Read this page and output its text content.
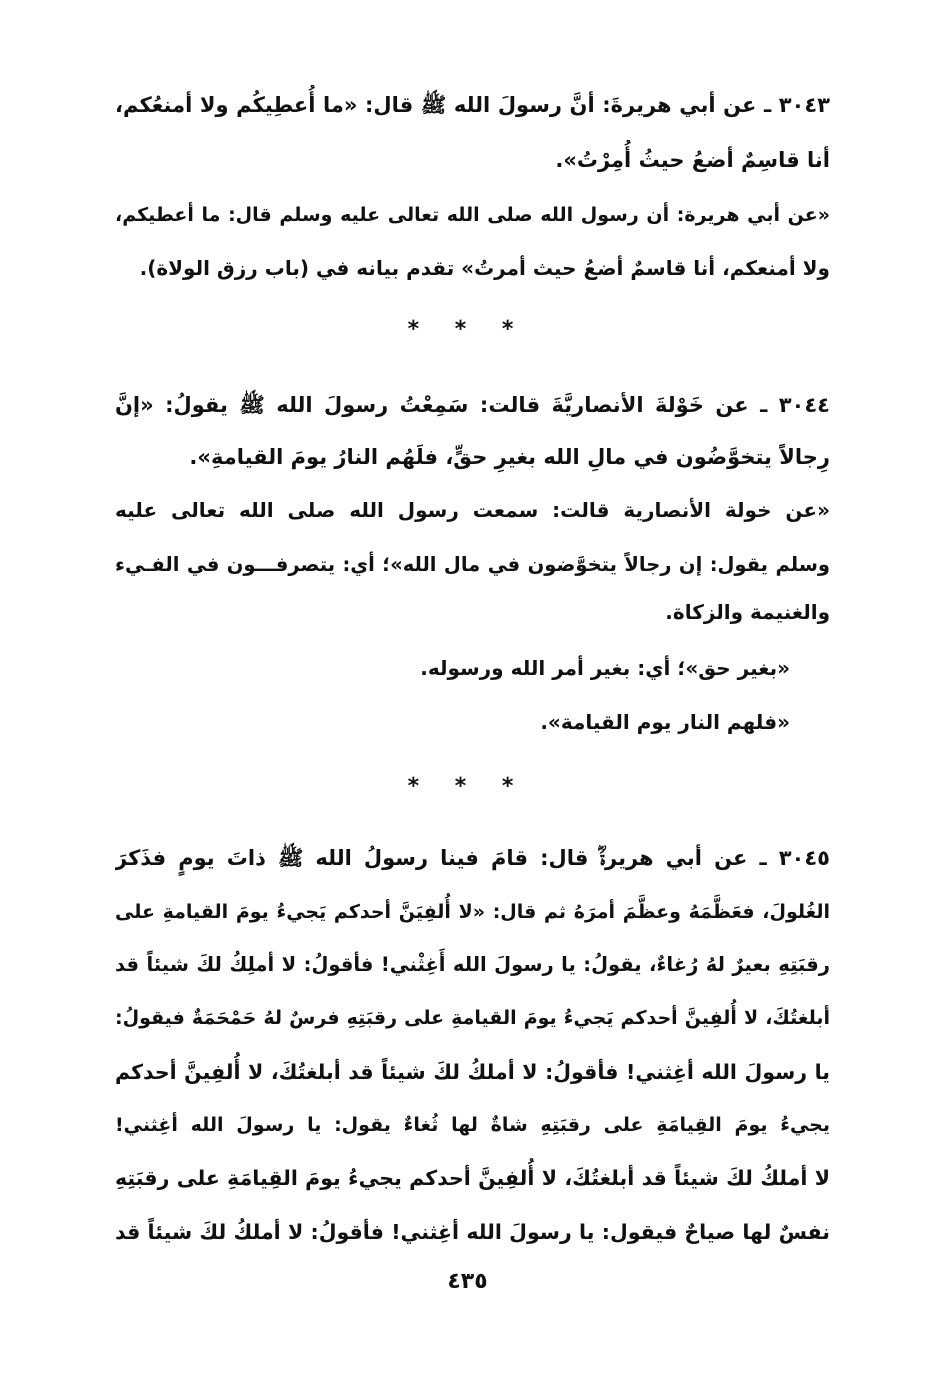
٣٠٤٣ ـ عن أبي هريرةَ: أنَّ رسولَ الله ﷺ قال: «ما أُعطِيكُم ولا أمنعُكم،
أنا قاسِمٌ أضعُ حيثُ أُمِرْتُ».
«عن أبي هريرة: أن رسول الله صلى الله تعالى عليه وسلم قال: ما أعطيكم،
ولا أمنعكم، أنا قاسمٌ أضعُ حيث أمرتُ» تقدم بيانه في (باب رزق الولاة).
* * *
٣٠٤٤ ـ عن خَوْلةَ الأنصاريَّةَ قالت: سَمِعْتُ رسولَ الله ﷺ يقولُ: «إنَّ
رِجالاً يتخوَّضُون في مالِ الله بغيرِ حقٍّ، فلَهُم النارُ يومَ القيامةِ».
«عن خولة الأنصارية قالت: سمعت رسول الله صلى الله تعالى عليه
وسلم يقول: إن رجالاً يتخوَّضون في مال الله»؛ أي: يتصرفـــون في الفـيء
والغنيمة والزكاة.
«بغير حق»؛ أي: بغير أمر الله ورسوله.
«فلهم النار يوم القيامة».
* * *
٣٠٤٥ ـ عن أبي هريرةَؓ قال: قامَ فينا رسولُ الله ﷺ ذاتَ يومٍ فذَكرَ
الغُلولَ، فعَظَّمَهُ وعظَّمَ أمرَهُ ثم قال: «لا أُلفِيَنَّ أحدكم يَجيءُ يومَ القيامةِ على
رقبَتِهِ بعيرٌ لهُ رُغاءٌ، يقولُ: يا رسولَ الله أَغِثْني! فأقولُ: لا أملِكُ لكَ شيئاً قد
أبلغتُكَ، لا أُلفِينَّ أحدكم يَجيءُ يومَ القيامةِ على رقبَتِهِ فرسٌ لهُ حَمْحَمَةٌ فيقولُ:
يا رسولَ الله أغِثني! فأقولُ: لا أملكُ لكَ شيئاً قد أبلغتُكَ، لا أُلفِينَّ أحدكم
يجيءُ يومَ القِيامَةِ على رقبَتِهِ شاةٌ لها ثُغاءٌ يقول: يا رسولَ الله أغِثني!
لا أملكُ لكَ شيئاً قد أبلغتُكَ، لا أُلفِينَّ أحدكم يجيءُ يومَ القِيامَةِ على رقبَتِهِ
نفسٌ لها صياحٌ فيقول: يا رسولَ الله أغِثني! فأقولُ: لا أملكُ لكَ شيئاً قد
٤٣٥
